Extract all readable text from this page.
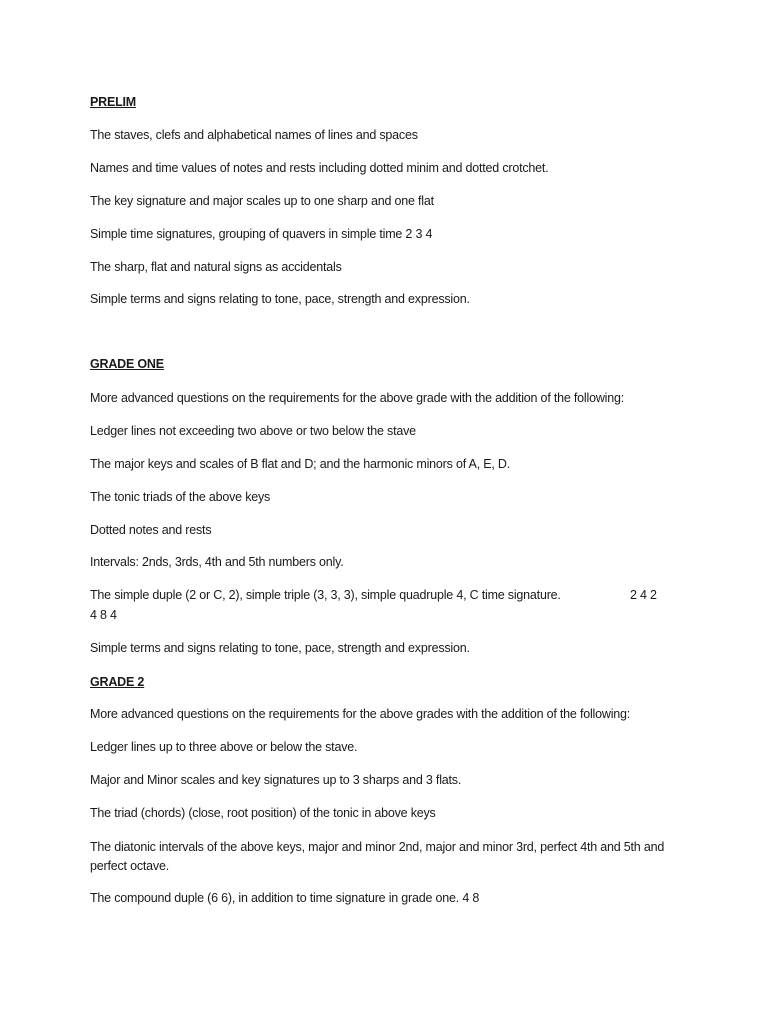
PRELIM
The staves, clefs and alphabetical names of lines and spaces
Names and time values of notes and rests including dotted minim and dotted crotchet.
The key signature and major scales up to one sharp and one flat
Simple time signatures, grouping of quavers in simple time 2 3 4
The sharp, flat and natural signs as accidentals
Simple terms and signs relating to tone, pace, strength and expression.
GRADE ONE
More advanced questions on the requirements for the above grade with the addition of the following:
Ledger lines not exceeding two above or two below the stave
The major keys and scales of B flat and D; and the harmonic minors of A, E, D.
The tonic triads of the above keys
Dotted notes and rests
Intervals: 2nds, 3rds, 4th and 5th numbers only.
The simple duple (2 or C, 2), simple triple (3, 3, 3), simple quadruple 4, C time signature.	2 4 2
4 8 4
Simple terms and signs relating to tone, pace, strength and expression.
GRADE 2
More advanced questions on the requirements for the above grades with the addition of the following:
Ledger lines up to three above or below the stave.
Major and Minor scales and key signatures up to 3 sharps and 3 flats.
The triad (chords) (close, root position) of the tonic in above keys
The diatonic intervals of the above keys, major and minor 2nd, major and minor 3rd, perfect 4th and 5th and perfect octave.
The compound duple (6 6), in addition to time signature in grade one. 4 8
